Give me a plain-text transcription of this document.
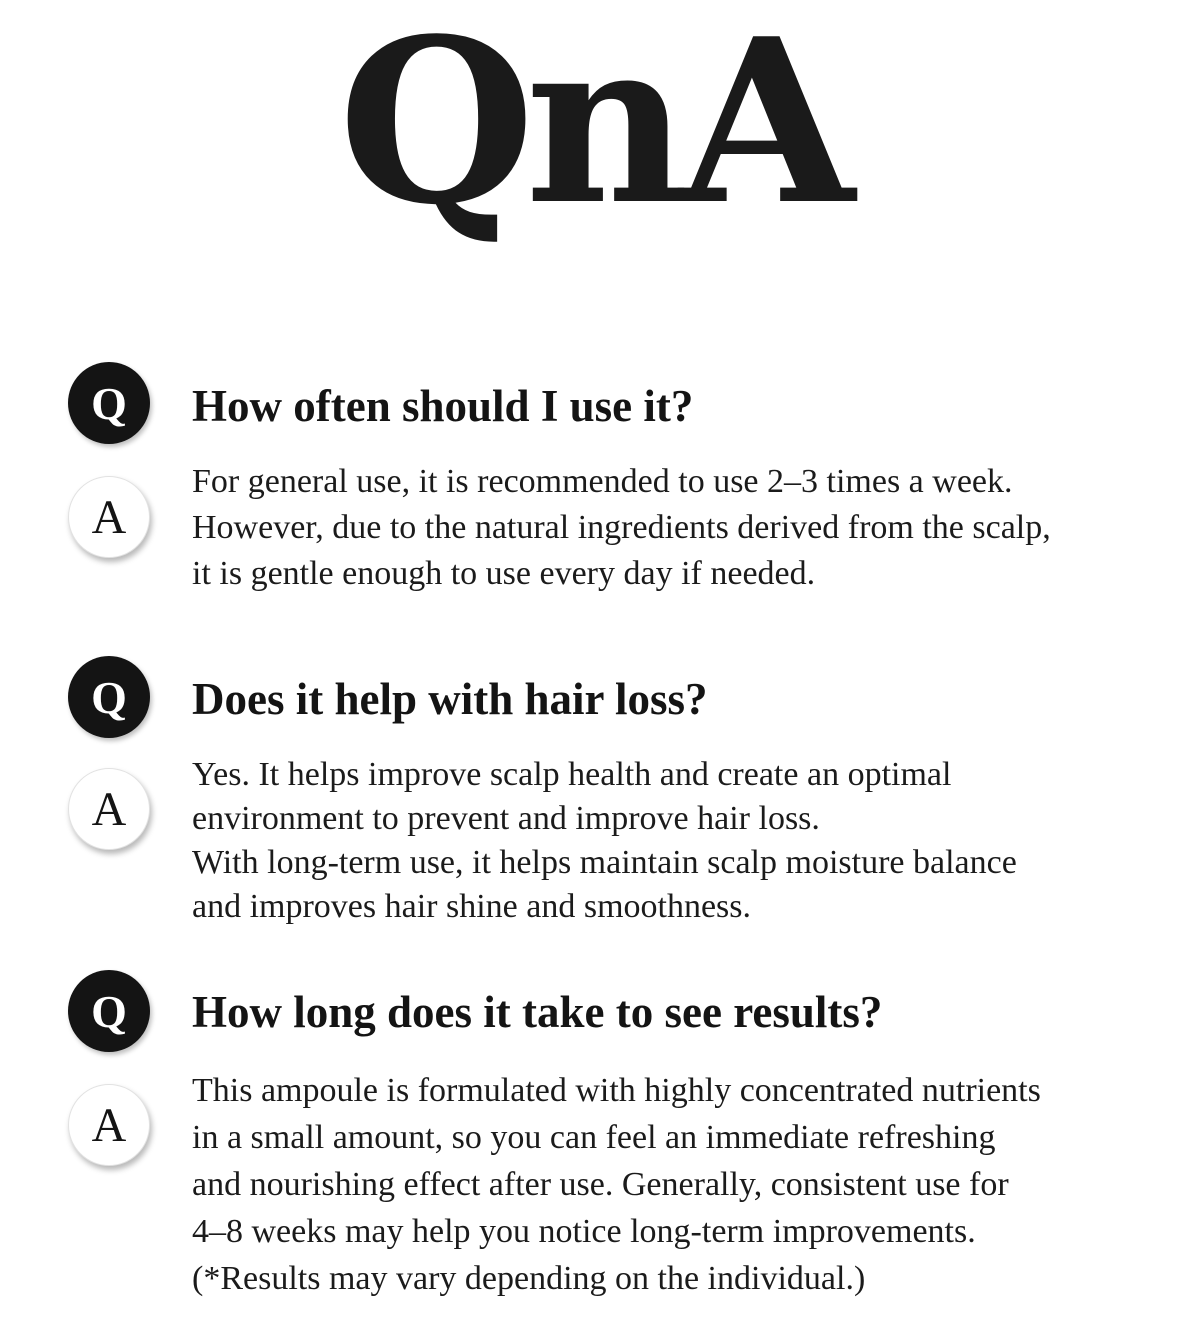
QnA
Q	How often should I use it?
A

For general use, it is recommended to use 2–3 times a week.
However, due to the natural ingredients derived from the scalp,
it is gentle enough to use every day if needed.

Q	Does it help with hair loss?
A

Yes. It helps improve scalp health and create an optimal
environment to prevent and improve hair loss.
With long-term use, it helps maintain scalp moisture balance
and improves hair shine and smoothness.

Q	How long does it take to see results?
A

This ampoule is formulated with highly concentrated nutrients
in a small amount, so you can feel an immediate refreshing
and nourishing effect after use. Generally, consistent use for
4–8 weeks may help you notice long-term improvements.
(*Results may vary depending on the individual.)
